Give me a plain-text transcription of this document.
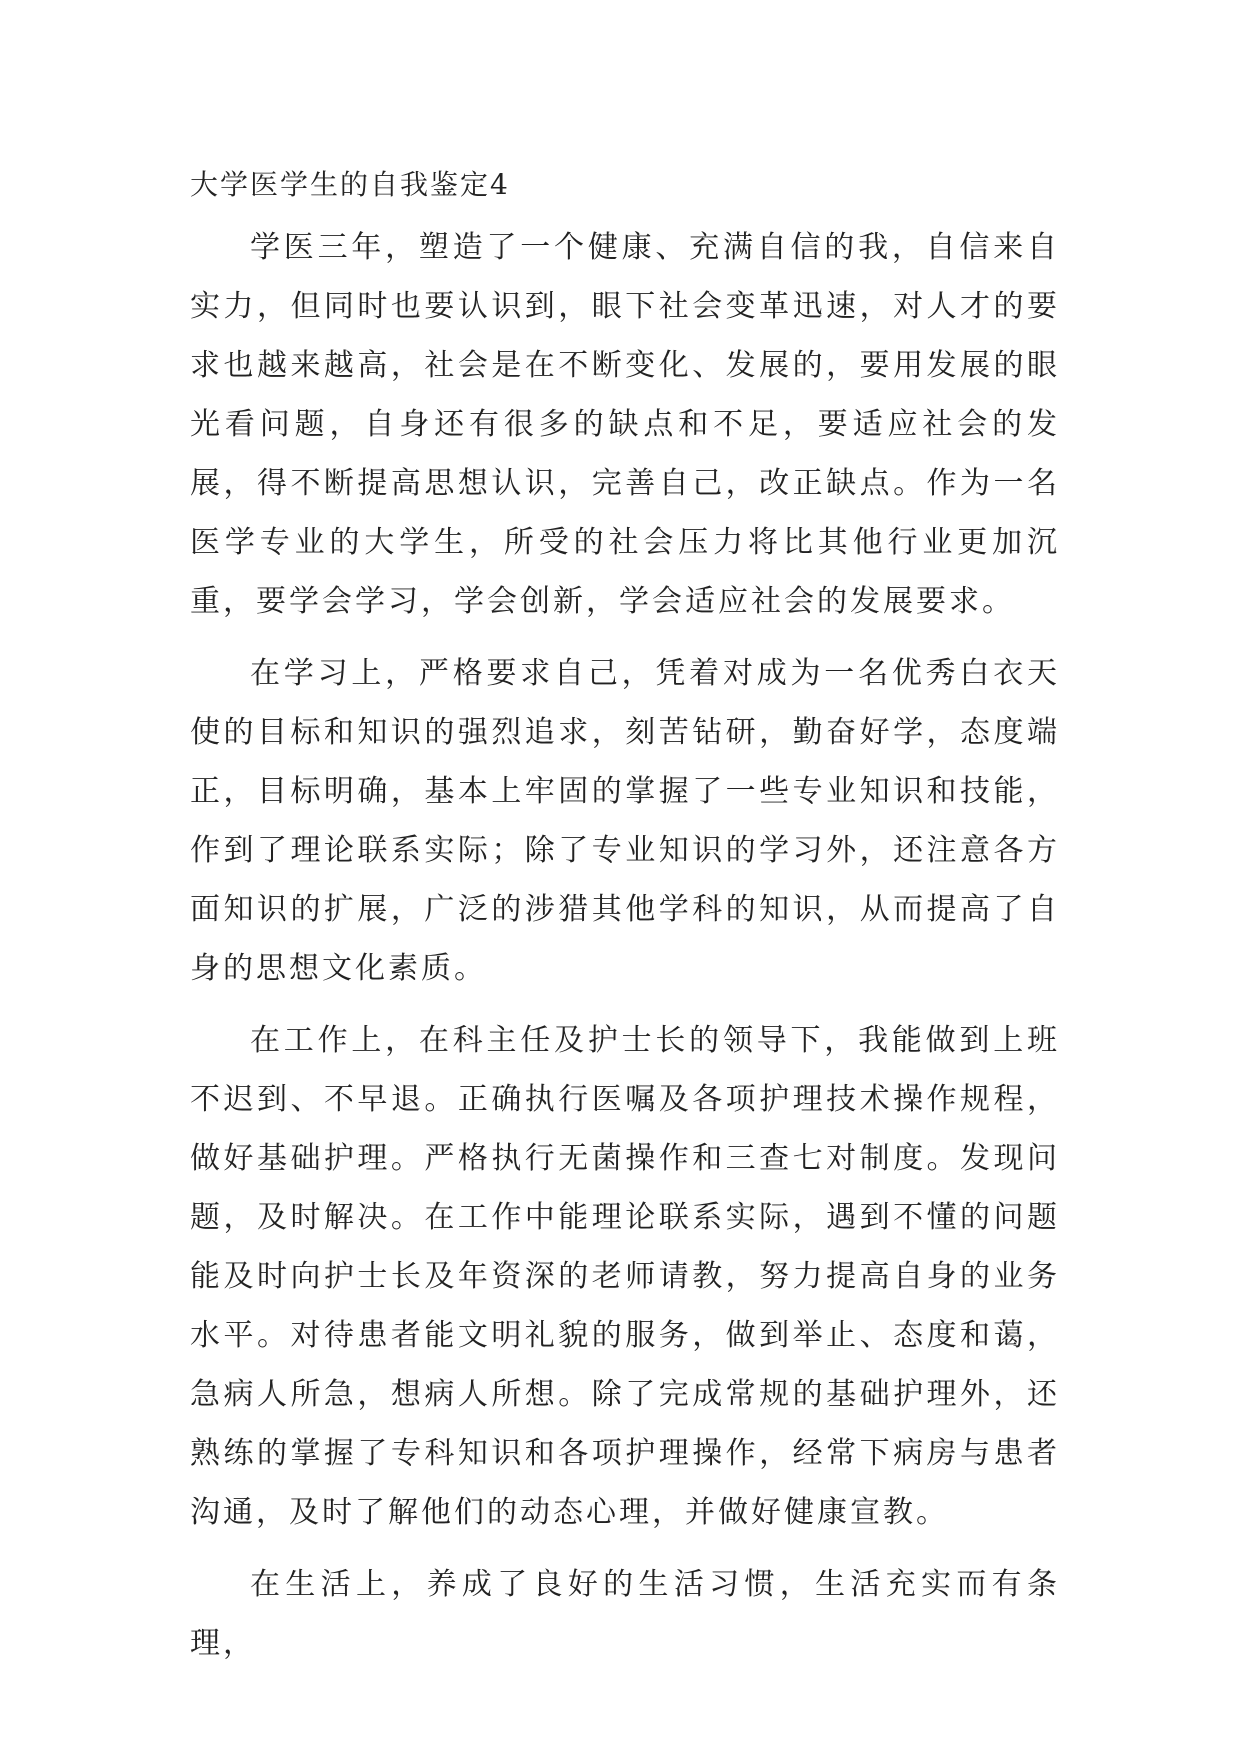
大学医学生的自我鉴定4

学医三年，塑造了一个健康、充满自信的我，自信来自实力，但同时也要认识到，眼下社会变革迅速，对人才的要求也越来越高，社会是在不断变化、发展的，要用发展的眼光看问题，自身还有很多的缺点和不足，要适应社会的发展，得不断提高思想认识，完善自己，改正缺点。作为一名医学专业的大学生，所受的社会压力将比其他行业更加沉重，要学会学习，学会创新，学会适应社会的发展要求。

在学习上，严格要求自己，凭着对成为一名优秀白衣天使的目标和知识的强烈追求，刻苦钻研，勤奋好学，态度端正，目标明确，基本上牢固的掌握了一些专业知识和技能，作到了理论联系实际；除了专业知识的学习外，还注意各方面知识的扩展，广泛的涉猎其他学科的知识，从而提高了自身的思想文化素质。

在工作上，在科主任及护士长的领导下，我能做到上班不迟到、不早退。正确执行医嘱及各项护理技术操作规程，做好基础护理。严格执行无菌操作和三查七对制度。发现问题，及时解决。在工作中能理论联系实际，遇到不懂的问题能及时向护士长及年资深的老师请教，努力提高自身的业务水平。对待患者能文明礼貌的服务，做到举止、态度和蔼，急病人所急，想病人所想。除了完成常规的基础护理外，还熟练的掌握了专科知识和各项护理操作，经常下病房与患者沟通，及时了解他们的动态心理，并做好健康宣教。

在生活上，养成了良好的生活习惯，生活充实而有条理，
